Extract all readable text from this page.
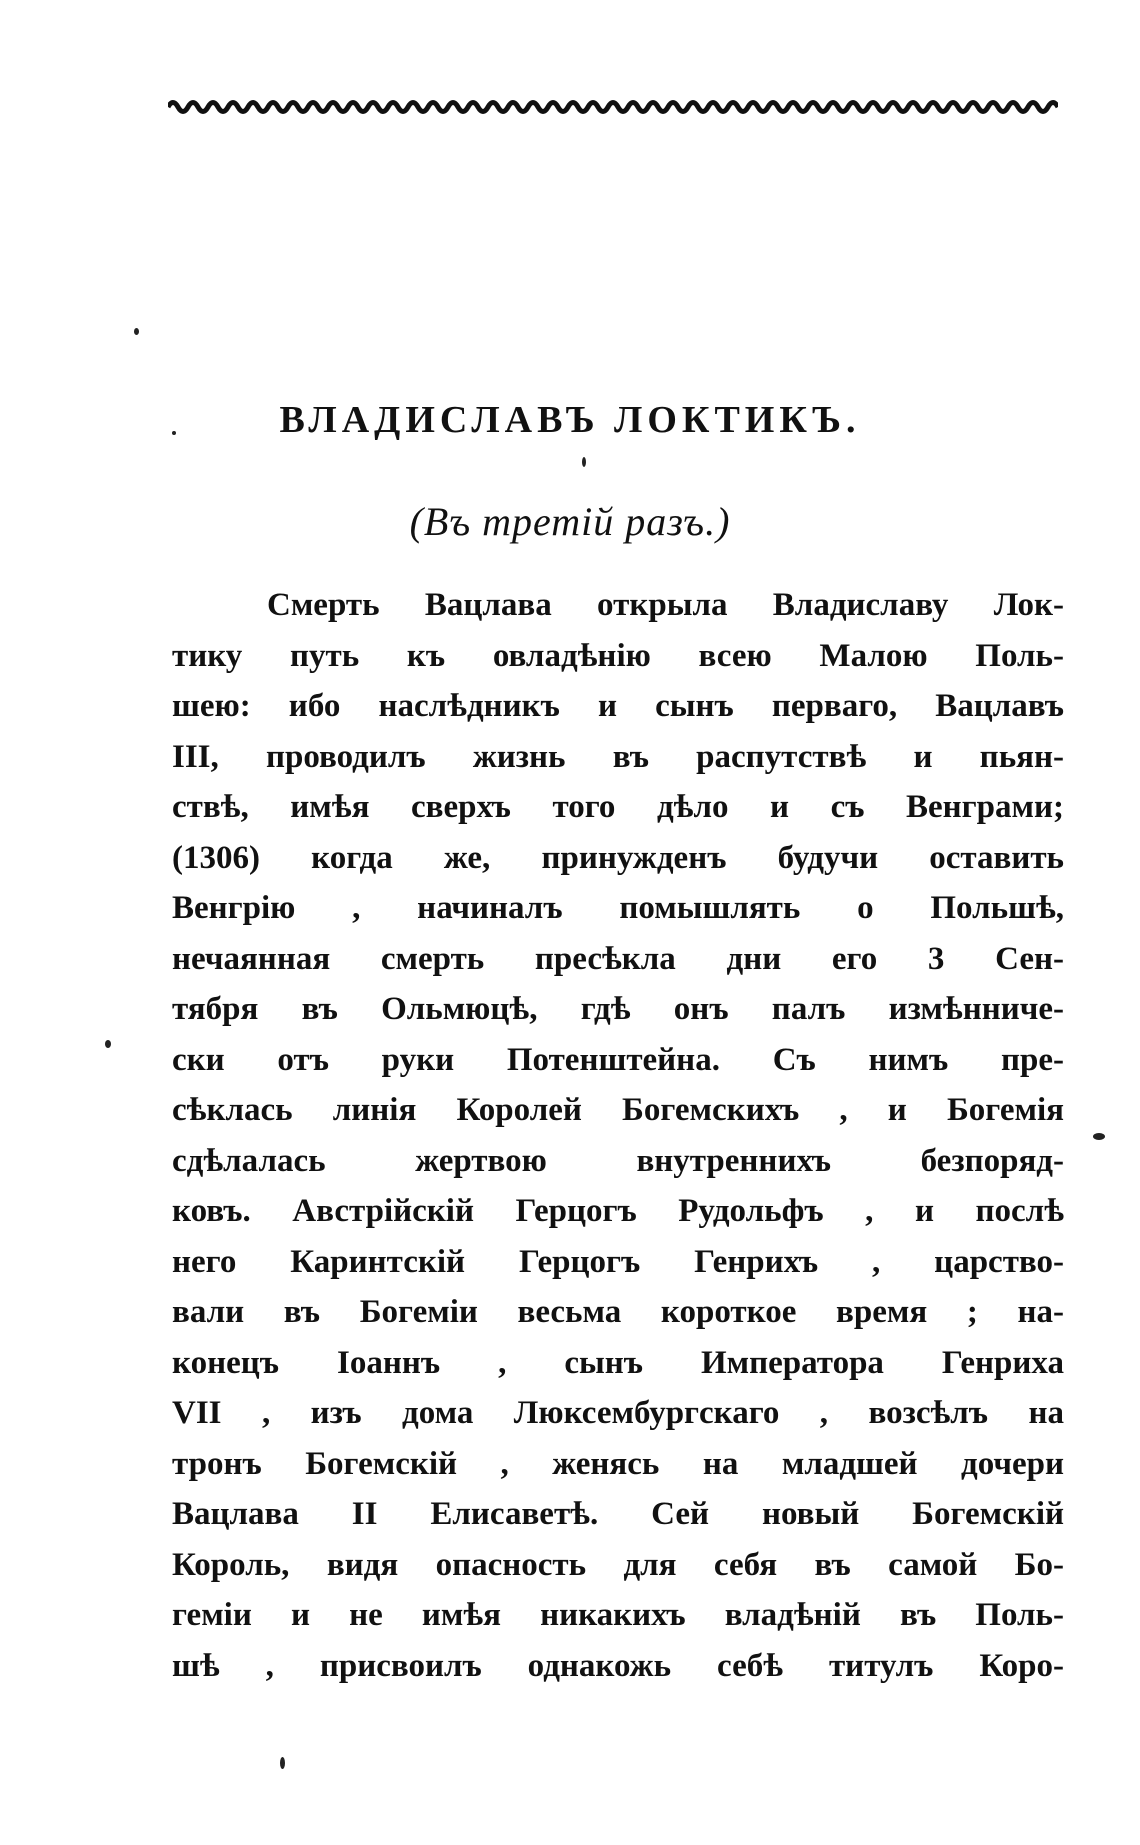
ВЛАДИСЛАВЪ ЛОКТИКЪ.
(Въ третій разъ.)
Смерть Вацлава открыла Владиславу Лок-
тику путь къ овладѣнію всею Малою Поль-
шею: ибо наслѣдникъ и сынъ перваго, Вацлавъ
III, проводилъ жизнь въ распутствѣ и пьян-
ствѣ, имѣя сверхъ того дѣло и съ Венграми;
(1306) когда же, принужденъ будучи оставить
Венгрію , начиналъ помышлять о Польшѣ,
нечаянная смерть пресѣкла дни его 3 Сен-
тября въ Ольмюцѣ, гдѣ онъ палъ измѣнниче-
ски отъ руки Потенштейна. Съ нимъ пре-
сѣклась линія Королей Богемскихъ , и Богемія
сдѣлалась жертвою внутреннихъ безпоряд-
ковъ. Австрійскій Герцогъ Рудольфъ , и послѣ
него Каринтскій Герцогъ Генрихъ , царство-
вали въ Богеміи весьма короткое время ; на-
конецъ Іоаннъ , сынъ Императора Генриха
VII , изъ дома Люксембургскаго , возсѣлъ на
тронъ Богемскій , женясь на младшей дочери
Вацлава II Елисаветѣ. Сей новый Богемскій
Король, видя опасность для себя въ самой Бо-
геміи и не имѣя никакихъ владѣній въ Поль-
шѣ , присвоилъ однакожь себѣ титулъ Коро-
